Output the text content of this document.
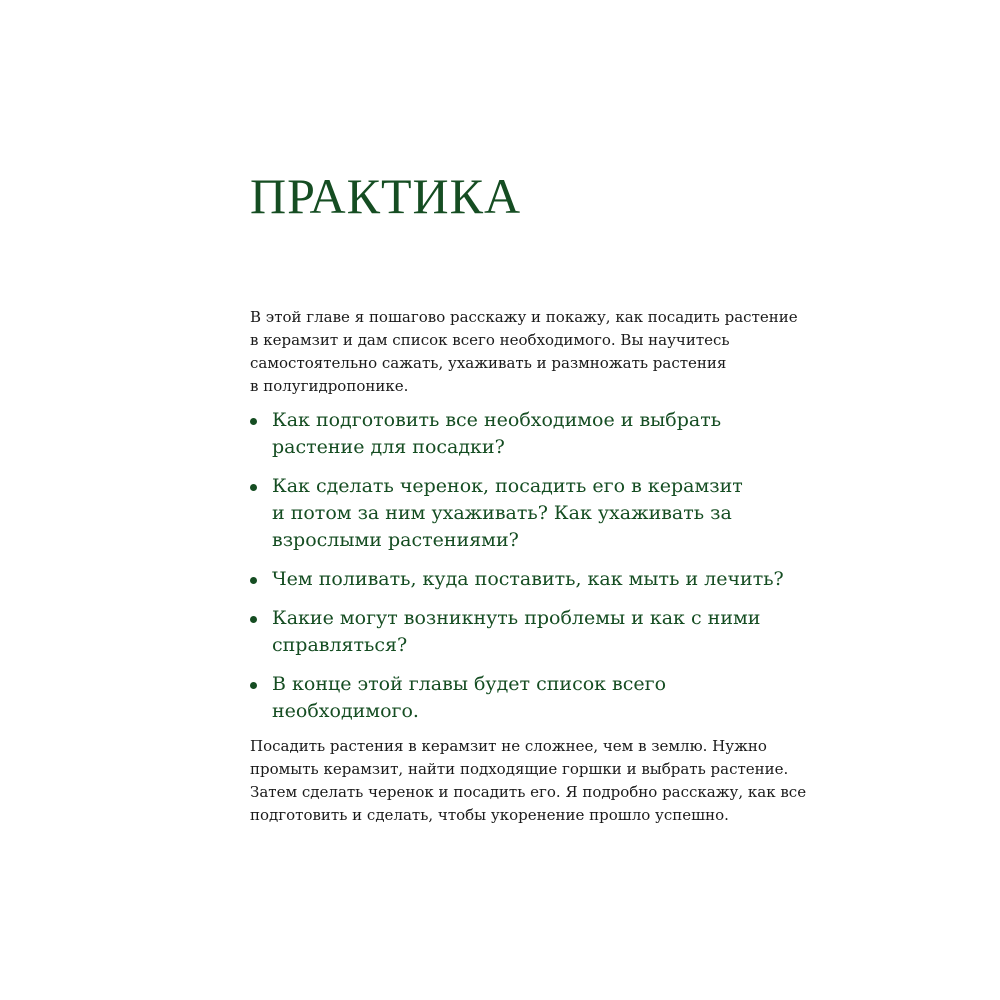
ПРАКТИКА
В этой главе я пошагово расскажу и покажу, как посадить растение
в керамзит и дам список всего необходимого. Вы научитесь
самостоятельно сажать, ухаживать и размножать растения
в полугидропонике.
Как подготовить все необходимое и выбрать
растение для посадки?
Как сделать черенок, посадить его в керамзит
и потом за ним ухаживать? Как ухаживать за
взрослыми растениями?
Чем поливать, куда поставить, как мыть и лечить?
Какие могут возникнуть проблемы и как с ними
справляться?
В конце этой главы будет список всего
необходимого.
Посадить растения в керамзит не сложнее, чем в землю. Нужно
промыть керамзит, найти подходящие горшки и выбрать растение.
Затем сделать черенок и посадить его. Я подробно расскажу, как все
подготовить и сделать, чтобы укоренение прошло успешно.
